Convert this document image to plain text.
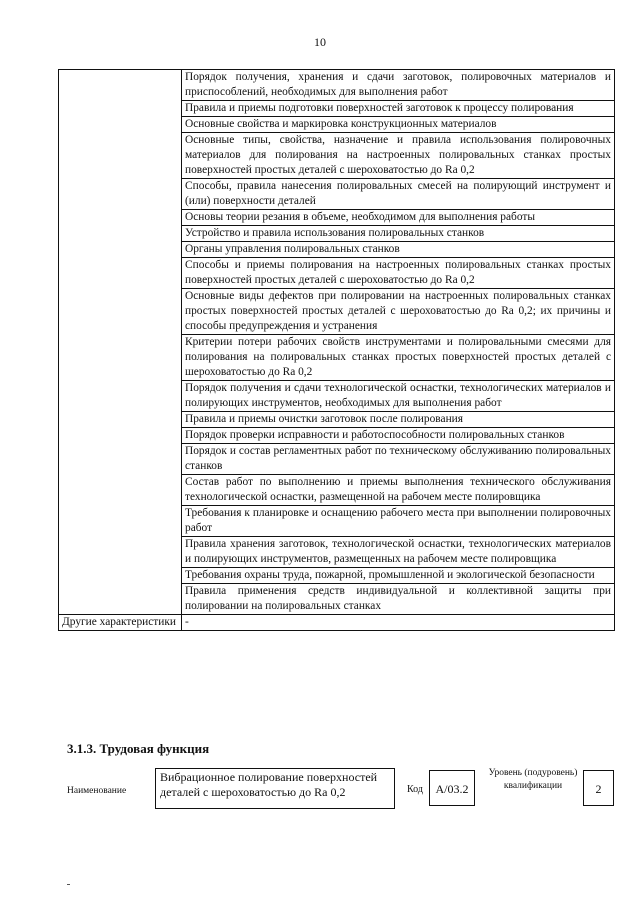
10
	Порядок получения, хранения и сдачи заготовок, полировочных материалов и приспособлений, необходимых для выполнения работ
	Правила и приемы подготовки поверхностей заготовок к процессу полирования
	Основные свойства и маркировка конструкционных материалов
	Основные типы, свойства, назначение и правила использования полировочных материалов для полирования на настроенных полировальных станках простых поверхностей простых деталей с шероховатостью до Ra 0,2
	Способы, правила нанесения полировальных смесей на полирующий инструмент и (или) поверхности деталей
	Основы теории резания в объеме, необходимом для выполнения работы
	Устройство и правила использования полировальных станков
	Органы управления полировальных станков
	Способы и приемы полирования на настроенных полировальных станках простых поверхностей простых деталей с шероховатостью до Ra 0,2
	Основные виды дефектов при полировании на настроенных полировальных станках простых поверхностей простых деталей с шероховатостью до Ra 0,2; их причины и способы предупреждения и устранения
	Критерии потери рабочих свойств инструментами и полировальными смесями для полирования на полировальных станках простых поверхностей простых деталей с шероховатостью до Ra 0,2
	Порядок получения и сдачи технологической оснастки, технологических материалов и полирующих инструментов, необходимых для выполнения работ
	Правила и приемы очистки заготовок после полирования
	Порядок проверки исправности и работоспособности полировальных станков
	Порядок и состав регламентных работ по техническому обслуживанию полировальных станков
	Состав работ по выполнению и приемы выполнения технического обслуживания технологической оснастки, размещенной на рабочем месте полировщика
	Требования к планировке и оснащению рабочего места при выполнении полировочных работ
	Правила хранения заготовок, технологической оснастки, технологических материалов и полирующих инструментов, размещенных на рабочем месте полировщика
	Требования охраны труда, пожарной, промышленной и экологической безопасности
	Правила применения средств индивидуальной и коллективной защиты при полировании на полировальных станках
Другие характеристики	-
3.1.3. Трудовая функция
Наименование
Вибрационное полирование поверхностей деталей с шероховатостью до Ra 0,2	Код	A/03.2
Уровень (подуровень) квалификации	2
